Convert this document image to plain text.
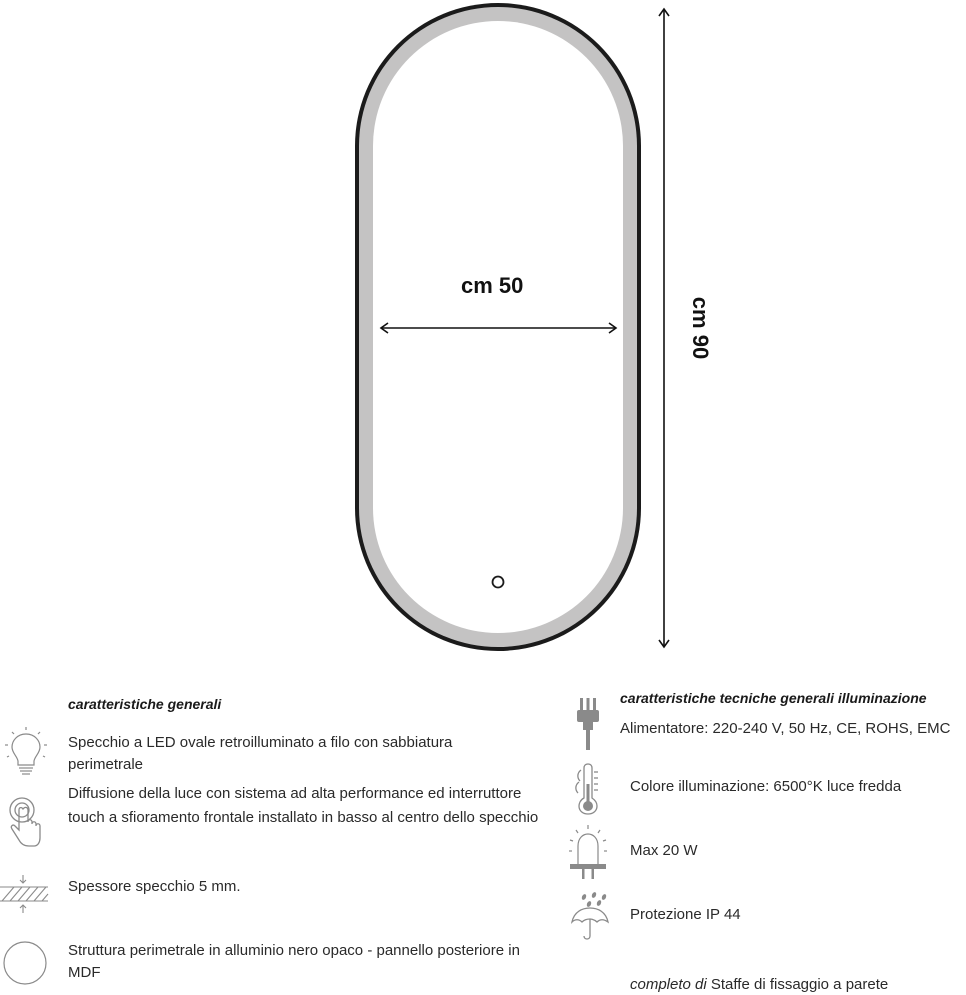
cm 50
cm 90
caratteristiche generali
Specchio a LED ovale retroilluminato a filo con sabbiatura perimetrale
Diffusione della luce con sistema ad alta performance ed interruttore touch a sfioramento frontale installato in basso al centro dello specchio
Spessore specchio 5 mm.
Struttura perimetrale in alluminio nero opaco - pannello posteriore in MDF
caratteristiche tecniche generali illuminazione
Alimentatore: 220-240 V, 50 Hz, CE, ROHS, EMC
Colore illuminazione: 6500°K luce fredda
Max 20 W
Protezione IP 44
completo di Staffe di fissaggio a parete
